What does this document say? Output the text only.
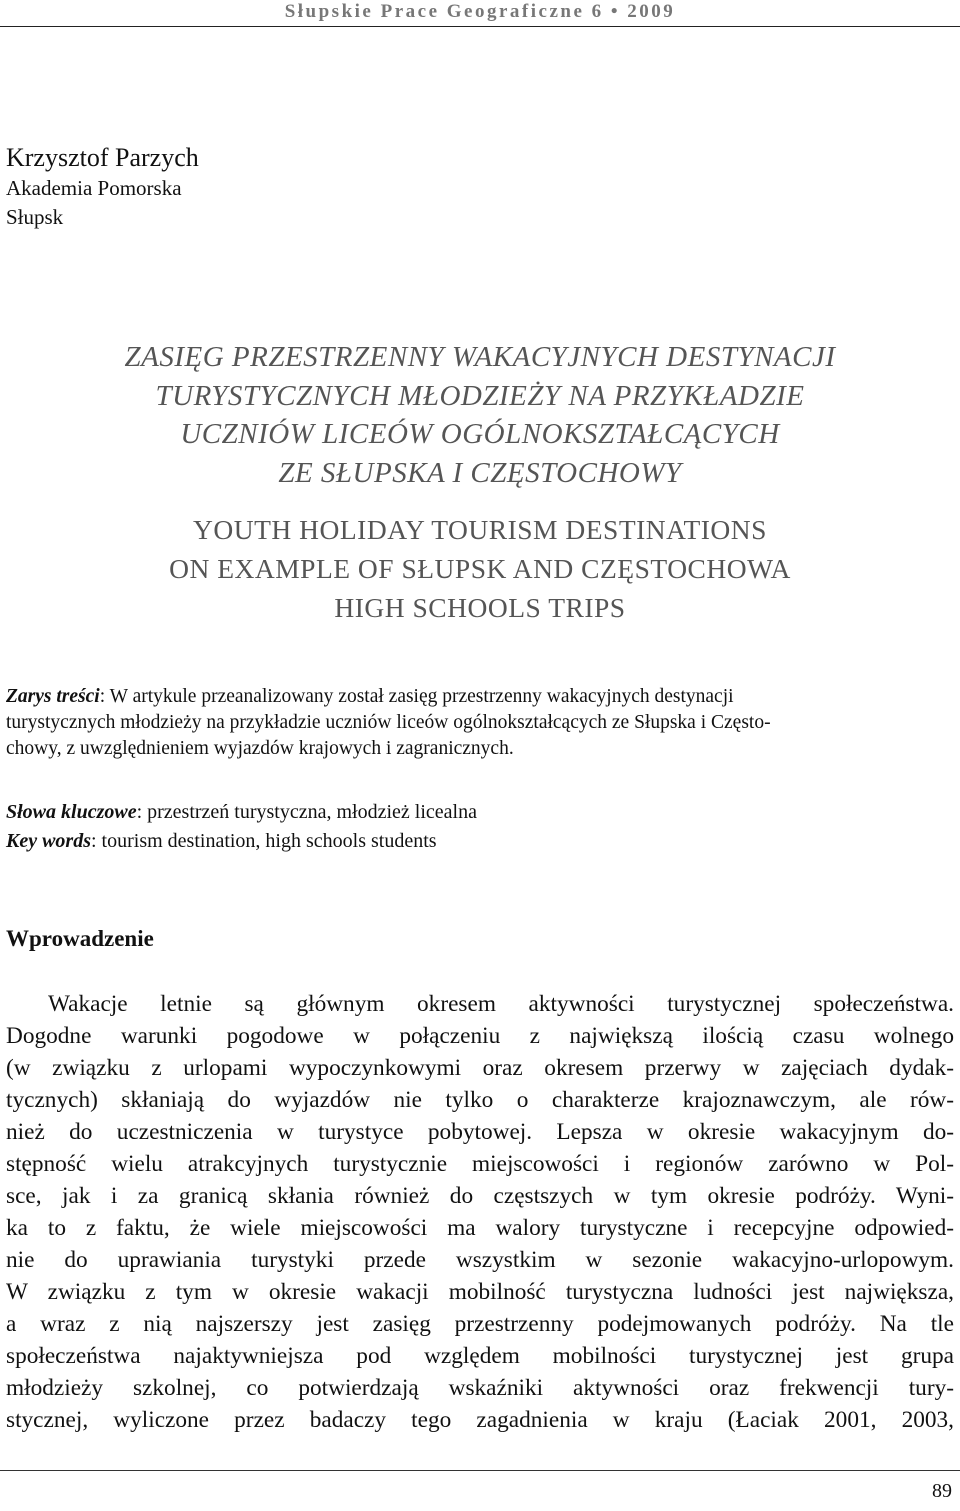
Słupskie Prace Geograficzne 6 • 2009

Krzysztof Parzych

Akademia Pomorska

Słupsk

ZASIĘG PRZESTRZENNY WAKACYJNYCH DESTYNACJI
TURYSTYCZNYCH MŁODZIEŻY NA PRZYKŁADZIE
UCZNIÓW LICEÓW OGÓLNOKSZTAŁCĄCYCH
ZE SŁUPSKA I CZĘSTOCHOWY
YOUTH HOLIDAY TOURISM DESTINATIONS
ON EXAMPLE OF SŁUPSK AND CZĘSTOCHOWA
HIGH SCHOOLS TRIPS
Zarys treści: W artykule przeanalizowany został zasięg przestrzenny wakacyjnych destynacji
turystycznych młodzieży na przykładzie uczniów liceów ogólnokształcących ze Słupska i Często-
chowy, z uwzględnieniem wyjazdów krajowych i zagranicznych.
Słowa kluczowe: przestrzeń turystyczna, młodzież licealna
Key words: tourism destination, high schools students
Wprowadzenie
Wakacje letnie są głównym okresem aktywności turystycznej społeczeństwa.
Dogodne warunki pogodowe w połączeniu z największą ilością czasu wolnego
(w związku z urlopami wypoczynkowymi oraz okresem przerwy w zajęciach dydak-
tycznych) skłaniają do wyjazdów nie tylko o charakterze krajoznawczym, ale rów-
nież do uczestniczenia w turystyce pobytowej. Lepsza w okresie wakacyjnym do-
stępność wielu atrakcyjnych turystycznie miejscowości i regionów zarówno w Pol-
sce, jak i za granicą skłania również do częstszych w tym okresie podróży. Wyni-
ka to z faktu, że wiele miejscowości ma walory turystyczne i recepcyjne odpowied-
nie do uprawiania turystyki przede wszystkim w sezonie wakacyjno-urlopowym.
W związku z tym w okresie wakacji mobilność turystyczna ludności jest największa,
a wraz z nią najszerszy jest zasięg przestrzenny podejmowanych podróży. Na tle
społeczeństwa najaktywniejsza pod względem mobilności turystycznej jest grupa
młodzieży szkolnej, co potwierdzają wskaźniki aktywności oraz frekwencji tury-
stycznej, wyliczone przez badaczy tego zagadnienia w kraju (Łaciak 2001, 2003,
89
